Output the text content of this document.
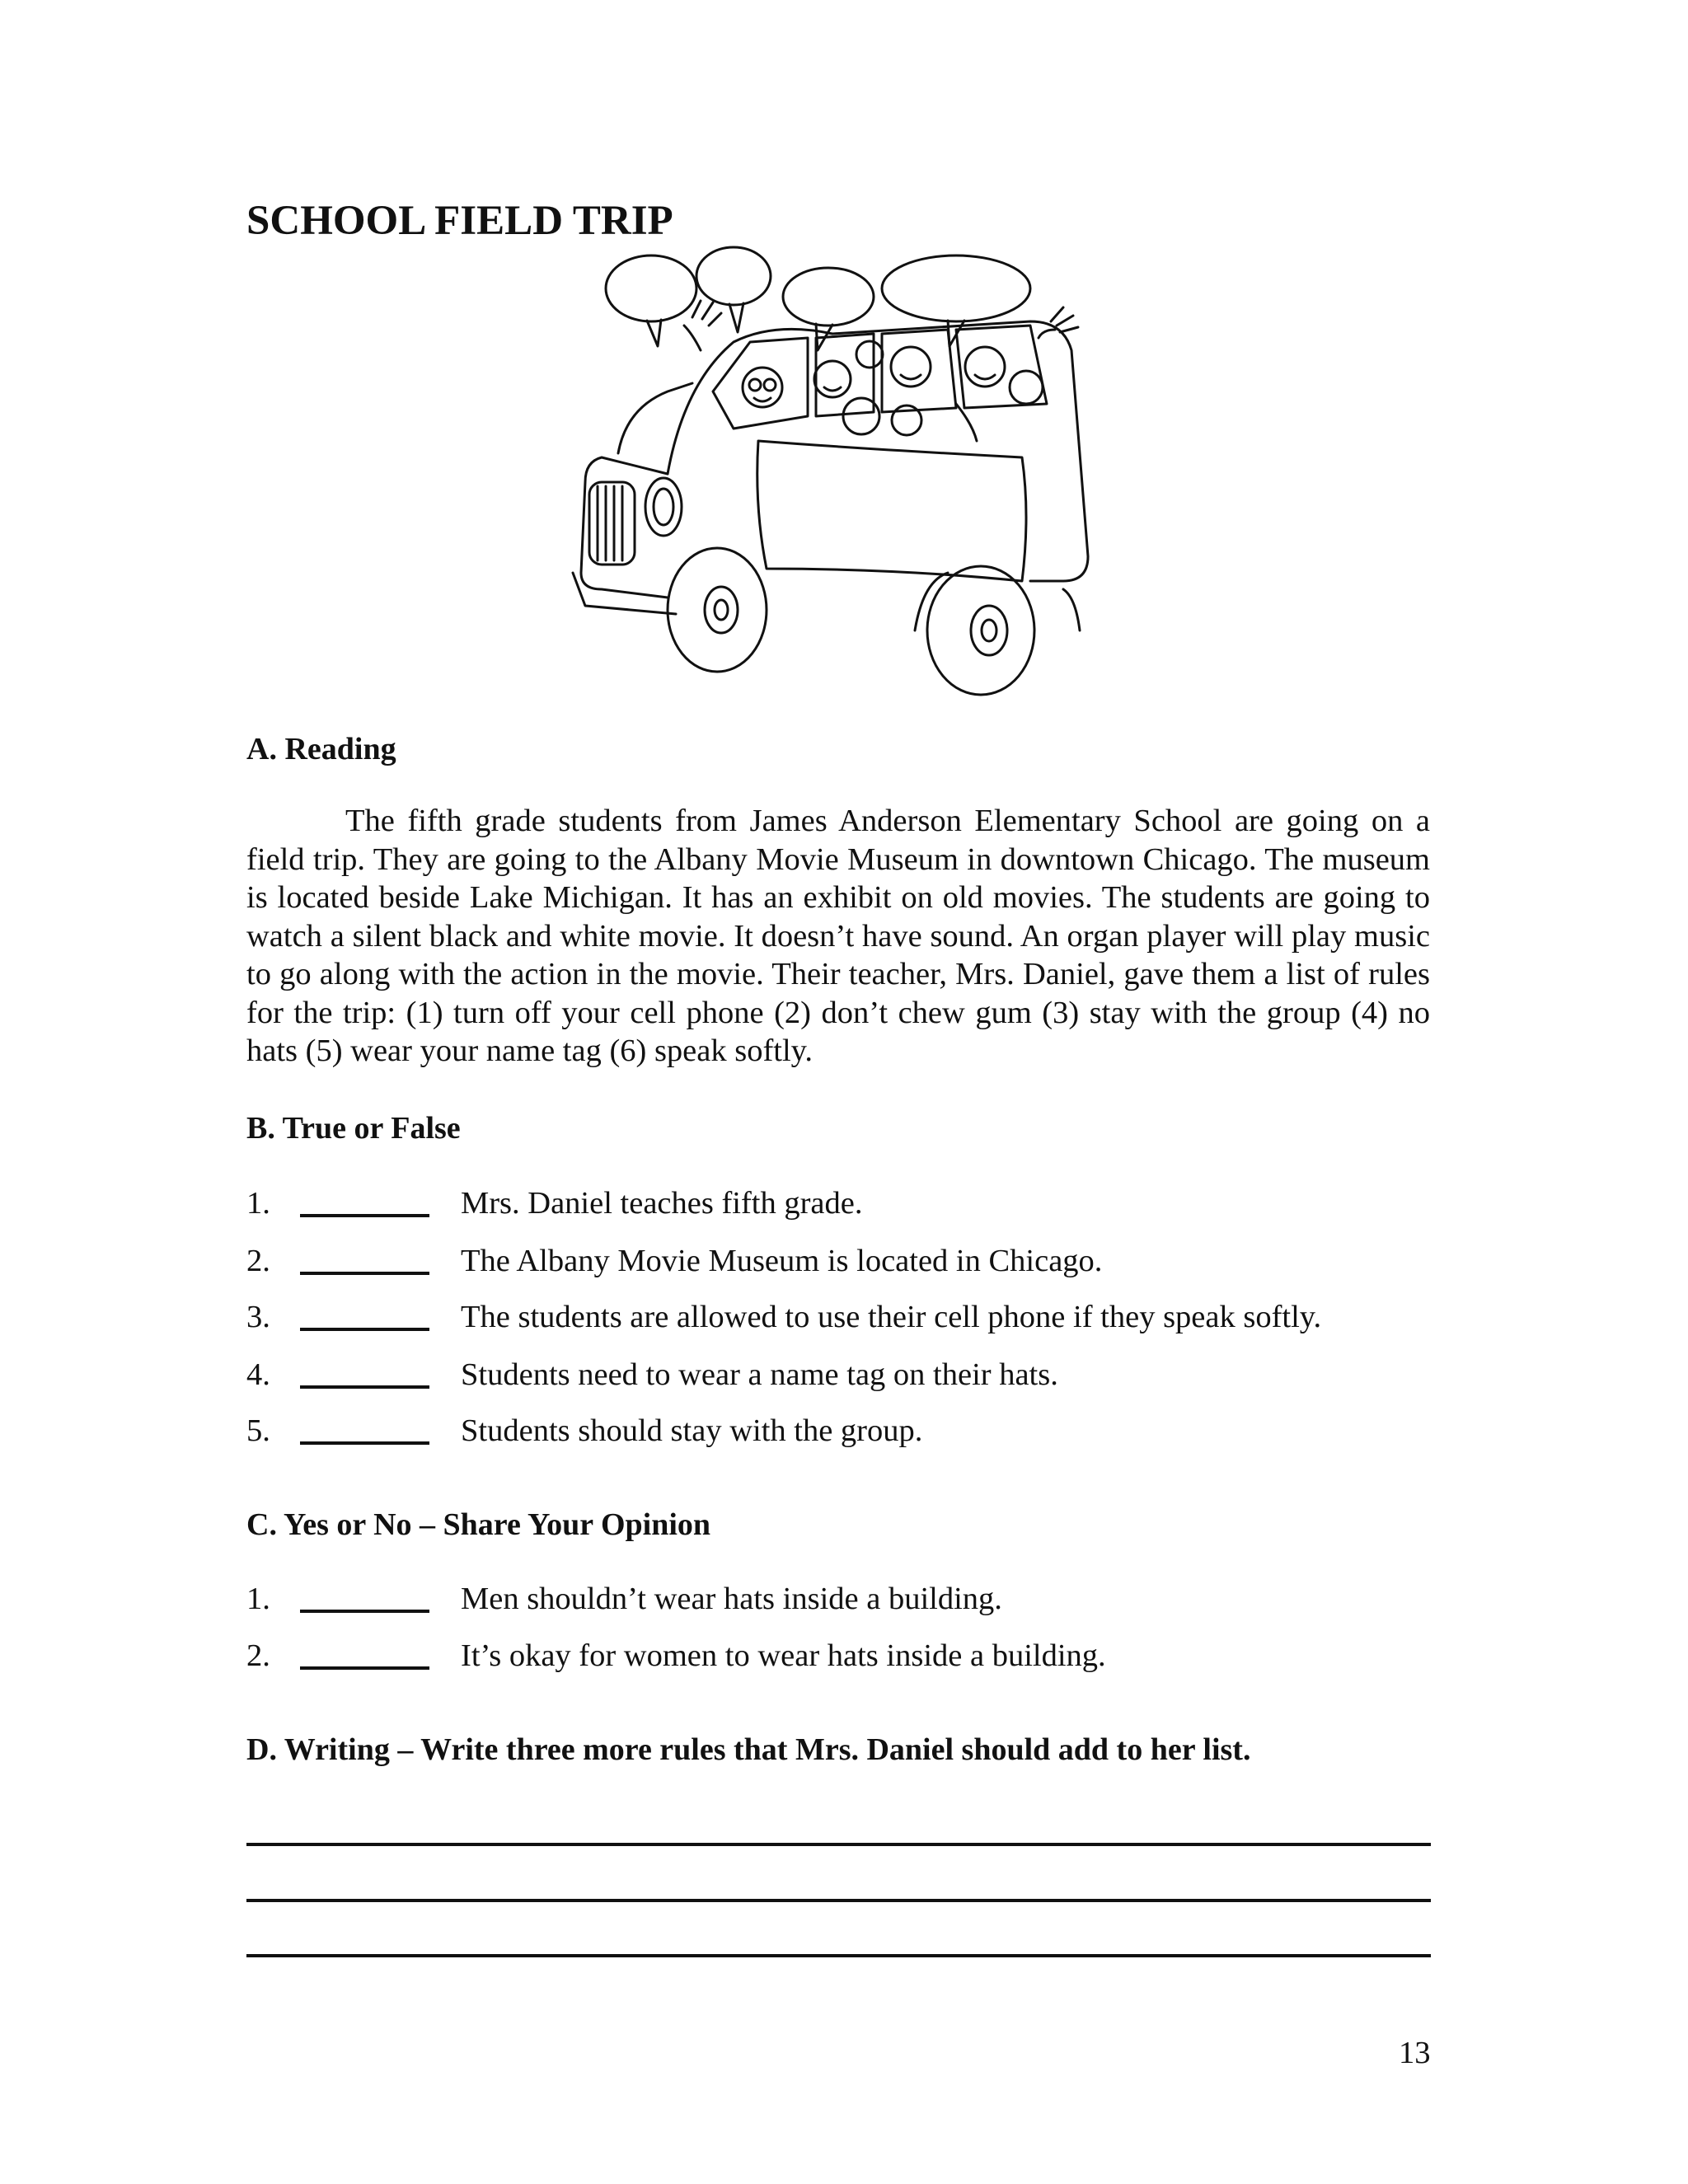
SCHOOL FIELD TRIP
A. Reading

The fifth grade students from James Anderson Elementary School are going on a field trip. They are going to the Albany Movie Museum in downtown Chicago. The museum is located beside Lake Michigan. It has an exhibit on old movies. The students are going to watch a silent black and white movie. It doesn’t have sound. An organ player will play music to go along with the action in the movie. Their teacher, Mrs. Daniel, gave them a list of rules for the trip: (1) turn off your cell phone (2) don’t chew gum (3) stay with the group (4) no hats (5) wear your name tag (6) speak softly.

B. True or False
1.	Mrs. Daniel teaches fifth grade.
2.	The Albany Movie Museum is located in Chicago.
3.	The students are allowed to use their cell phone if they speak softly.
4.	Students need to wear a name tag on their hats.
5.	Students should stay with the group.
C. Yes or No – Share Your Opinion
1.	Men shouldn’t wear hats inside a building.
2.	It’s okay for women to wear hats inside a building.
D. Writing – Write three more rules that Mrs. Daniel should add to her list.
13
